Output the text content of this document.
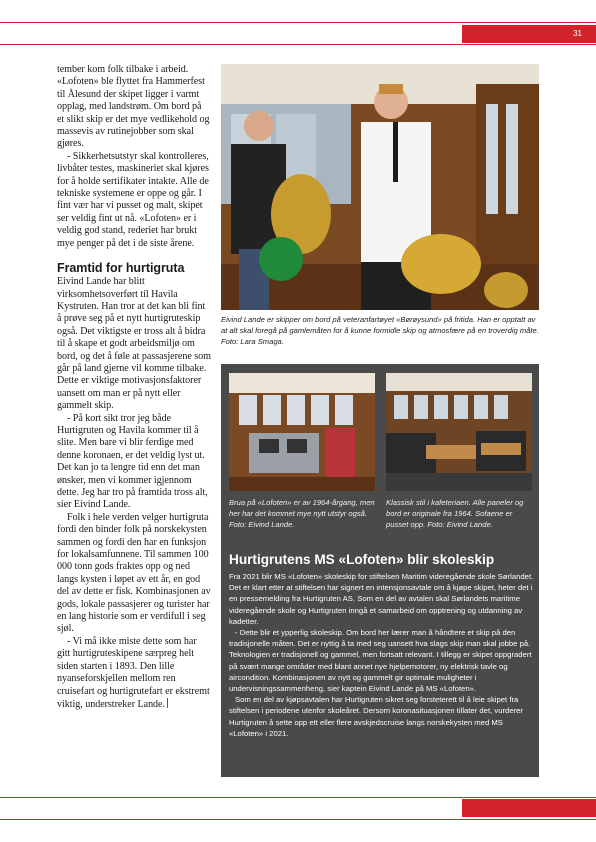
31

tember kom folk tilbake i arbeid. «Lofoten» ble flyttet fra Hammerfest til Ålesund der skipet ligger i varmt opplag, med landstrøm. Om bord på et slikt skip er det mye vedlikehold og massevis av rutinejobber som skal gjøres.

- Sikkerhetsutstyr skal kontrolleres, livbåter testes, maskineriet skal kjøres for å holde sertifikater intakte. Alle de tekniske systemene er oppe og går. I fint vær har vi pusset og malt, skipet ser veldig fint ut nå. «Lofoten» er i veldig god stand, rederiet har brukt mye penger på det i de siste årene.

Framtid for hurtigruta

Eivind Lande har blitt virksomhetsoverført til Havila Kystruten. Han tror at det kan bli fint å prøve seg på et nytt hurtigruteskip også. Det viktigste er tross alt å bidra til å skape et godt arbeidsmiljø om bord, og det å føle at passasjerene som går på land gjerne vil komme tilbake. Dette er viktige motivasjonsfaktorer uansett om man er på nytt eller gammelt skip.

- På kort sikt tror jeg både Hurtigruten og Havila kommer til å slite. Men bare vi blir ferdige med denne koronaen, er det veldig lyst ut. Det kan jo ta lengre tid enn det man ønsker, men vi kommer igjennom dette. Jeg har tro på framtida tross alt, sier Eivind Lande.

Folk i hele verden velger hurtigruta fordi den binder folk på norskekysten sammen og fordi den har en funksjon for lokalsamfunnene. Til sammen 100 000 tonn gods fraktes opp og ned langs kysten i løpet av ett år, en god del av dette er fisk. Kombinasjonen av gods, lokale passasjerer og turister har en lang historie som er verdifull i seg sjøl.

- Vi må ikke miste dette som har gitt hurtigruteskipene særpreg helt siden starten i 1893. Den lille nyanseforskjellen mellom ren cruisefart og hurtigrutefart er ekstremt viktig, understreker Lande.

Eivind Lande er skipper om bord på veteranfartøyet «Børøysund» på fritida. Han er opptatt av at alt skal foregå på gamlemåten for å kunne formidle skip og atmosfære på en troverdig måte. Foto: Lara Smaga.
Brua på «Lofoten» er av 1964-årgang, men her har det kommet mye nytt utstyr også. Foto: Eivind Lande.
Klassisk stil i kafeteriaen. Alle paneler og bord er originale fra 1964. Sofaene er pusset opp. Foto: Eivind Lande.
Hurtigrutens MS «Lofoten» blir skoleskip

Fra 2021 blir MS «Lofoten» skoleskip for stiftelsen Maritim videregående skole Sørlandet. Det er klart etter at stiftelsen har signert en intensjonsavtale om å kjøpe skipet, heter det i en pressemelding fra Hurtigruten AS. Som en del av avtalen skal Sørlandets maritime videregående skole og Hurtigruten inngå et samarbeid om opptrening og utdanning av kadetter.

- Dette blir et ypperlig skoleskip. Om bord her lærer man å håndtere et skip på den tradisjonelle måten. Det er nyttig å ta med seg uansett hva slags skip man skal jobbe på. Teknologien er tradisjonell og gammel, men fortsatt relevant. I tillegg er skipet oppgradert på svært mange områder med blant annet nye hjelpemotorer, ny elektrisk tavle og aircondition. Kombinasjonen av nytt og gammelt gir optimale muligheter i undervisningssammenheng, sier kaptein Eivind Lande på MS «Lofoten».

Som en del av kjøpsavtalen har Hurtigruten sikret seg forsteterett til å leie skipet fra stiftelsen i periodene utenfor skoleåret. Dersom koronasituasjonen tillater det, vurderer Hurtigruten å sette opp ett eller flere avskjedscruise langs norskekysten med MS «Lofoten» i 2021.
